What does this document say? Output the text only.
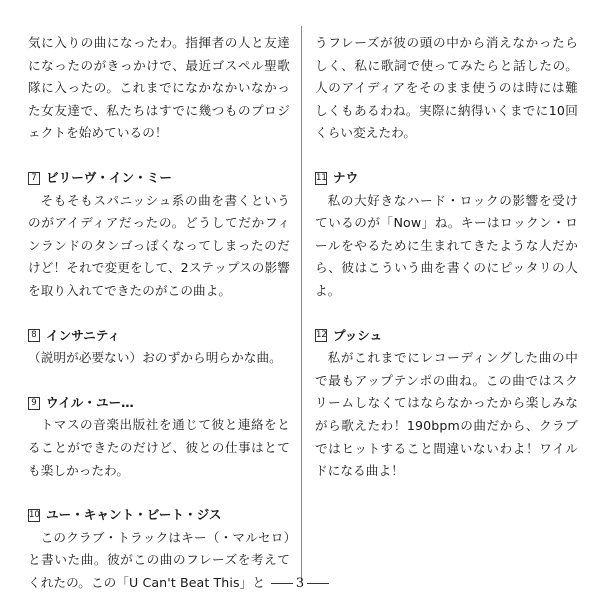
気に入りの曲になったわ。指揮者の人と友達になったのがきっかけで、最近ゴスペル聖歌隊に入ったの。これまでになかなかいなかった女友達で、私たちはすでに幾つものプロジェクトを始めているの！

7 ビリーヴ・イン・ミー

そもそもスパニッシュ系の曲を書くというのがアイディアだったの。どうしてだかフィンランドのタンゴっぽくなってしまったのだけど！それで変更をして、2ステップスの影響を取り入れてできたのがこの曲よ。

8 インサニティ

（説明が必要ない）おのずから明らかな曲。

9 ウイル・ユー…

トマスの音楽出版社を通じて彼と連絡をとることができたのだけど、彼との仕事はとても楽しかったわ。

10 ユー・キャント・ビート・ジス

このクラブ・トラックはキー（・マルセロ）と書いた曲。彼がこの曲のフレーズを考えてくれたの。この「U Can't Beat This」と

うフレーズが彼の頭の中から消えなかったらしく、私に歌詞で使ってみたらと話したの。人のアイディアをそのまま使うのは時には難しくもあるわね。実際に納得いくまでに10回くらい変えたわ。

11 ナウ

私の大好きなハード・ロックの影響を受けているのが「Now」ね。キーはロックン・ロールをやるために生まれてきたような人だから、彼はこういう曲を書くのにピッタリの人よ。

12 プッシュ

私がこれまでにレコーディングした曲の中で最もアップテンポの曲ね。この曲ではスクリームしなくてはならなかったから楽しみながら歌えたわ！190bpmの曲だから、クラブではヒットすること間違いないわよ！ワイルドになる曲よ！

3
